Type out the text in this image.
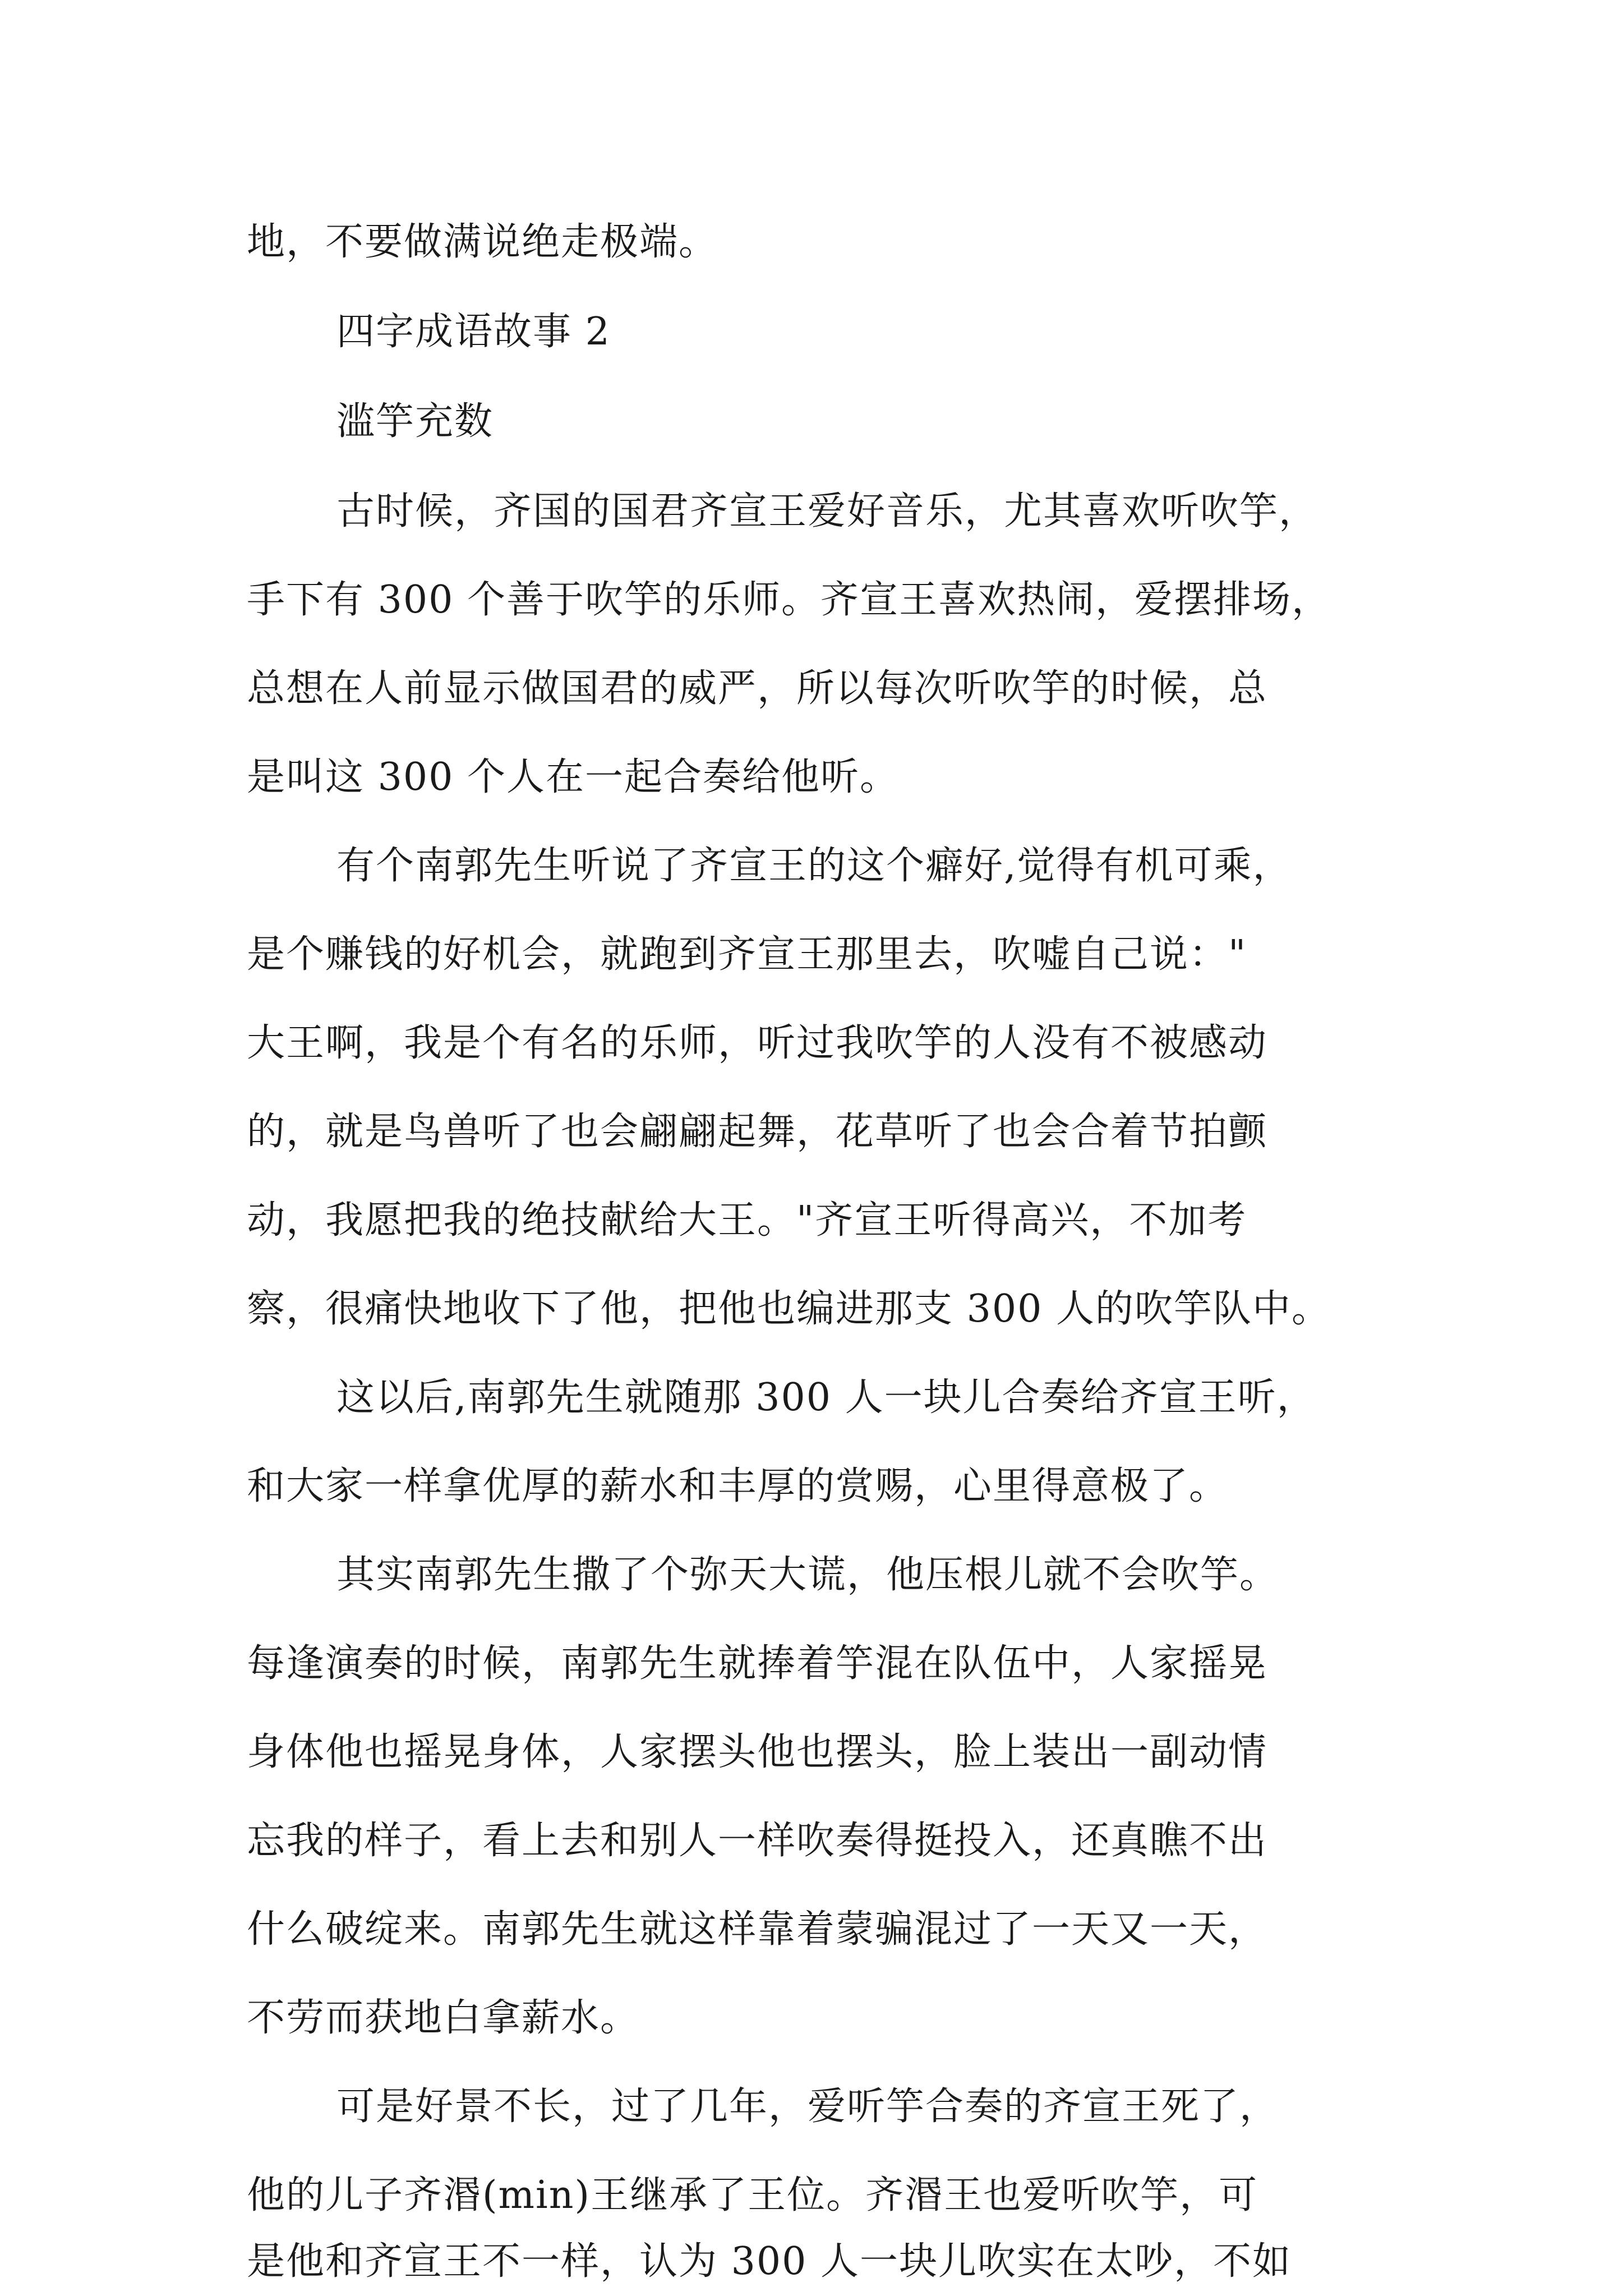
地，不要做满说绝走极端。
四字成语故事 2
滥竽充数
古时候，齐国的国君齐宣王爱好音乐，尤其喜欢听吹竽，
手下有 300 个善于吹竽的乐师。齐宣王喜欢热闹，爱摆排场，
总想在人前显示做国君的威严，所以每次听吹竽的时候，总
是叫这 300 个人在一起合奏给他听。
有个南郭先生听说了齐宣王的这个癖好,觉得有机可乘，
是个赚钱的好机会，就跑到齐宣王那里去，吹嘘自己说："
大王啊，我是个有名的乐师，听过我吹竽的人没有不被感动
的，就是鸟兽听了也会翩翩起舞，花草听了也会合着节拍颤
动，我愿把我的绝技献给大王。"齐宣王听得高兴，不加考
察，很痛快地收下了他，把他也编进那支 300 人的吹竽队中。
这以后,南郭先生就随那 300 人一块儿合奏给齐宣王听，
和大家一样拿优厚的薪水和丰厚的赏赐，心里得意极了。
其实南郭先生撒了个弥天大谎，他压根儿就不会吹竽。
每逢演奏的时候，南郭先生就捧着竽混在队伍中，人家摇晃
身体他也摇晃身体，人家摆头他也摆头，脸上装出一副动情
忘我的样子，看上去和别人一样吹奏得挺投入，还真瞧不出
什么破绽来。南郭先生就这样靠着蒙骗混过了一天又一天，
不劳而获地白拿薪水。
可是好景不长，过了几年，爱听竽合奏的齐宣王死了，
他的儿子齐湣(min)王继承了王位。齐湣王也爱听吹竽，可
是他和齐宣王不一样，认为 300 人一块儿吹实在太吵，不如
